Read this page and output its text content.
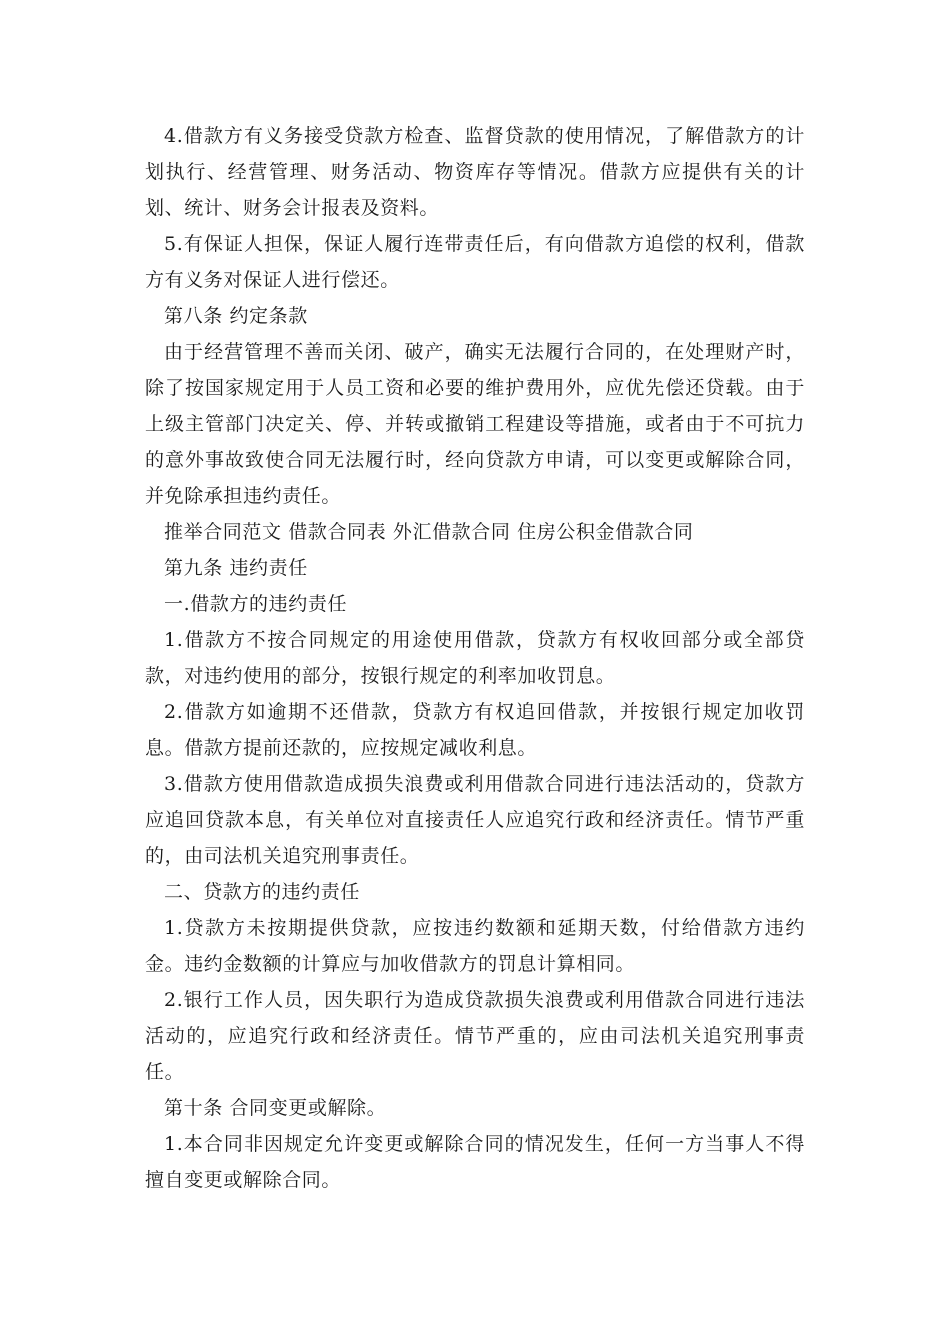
4.借款方有义务接受贷款方检查、监督贷款的使用情况，了解借款方的计划执行、经营管理、财务活动、物资库存等情况。借款方应提供有关的计划、统计、财务会计报表及资料。

5.有保证人担保，保证人履行连带责任后，有向借款方追偿的权利，借款方有义务对保证人进行偿还。

第八条 约定条款

由于经营管理不善而关闭、破产，确实无法履行合同的，在处理财产时，除了按国家规定用于人员工资和必要的维护费用外，应优先偿还贷载。由于上级主管部门决定关、停、并转或撤销工程建设等措施，或者由于不可抗力的意外事故致使合同无法履行时，经向贷款方申请，可以变更或解除合同，并免除承担违约责任。

推举合同范文 借款合同表 外汇借款合同 住房公积金借款合同

第九条 违约责任

一.借款方的违约责任

1.借款方不按合同规定的用途使用借款，贷款方有权收回部分或全部贷款，对违约使用的部分，按银行规定的利率加收罚息。

2.借款方如逾期不还借款，贷款方有权追回借款，并按银行规定加收罚息。借款方提前还款的，应按规定减收利息。

3.借款方使用借款造成损失浪费或利用借款合同进行违法活动的，贷款方应追回贷款本息，有关单位对直接责任人应追究行政和经济责任。情节严重的，由司法机关追究刑事责任。

二、贷款方的违约责任

1.贷款方未按期提供贷款，应按违约数额和延期天数，付给借款方违约金。违约金数额的计算应与加收借款方的罚息计算相同。

2.银行工作人员，因失职行为造成贷款损失浪费或利用借款合同进行违法活动的，应追究行政和经济责任。情节严重的，应由司法机关追究刑事责任。

第十条 合同变更或解除。

1.本合同非因规定允许变更或解除合同的情况发生，任何一方当事人不得擅自变更或解除合同。
